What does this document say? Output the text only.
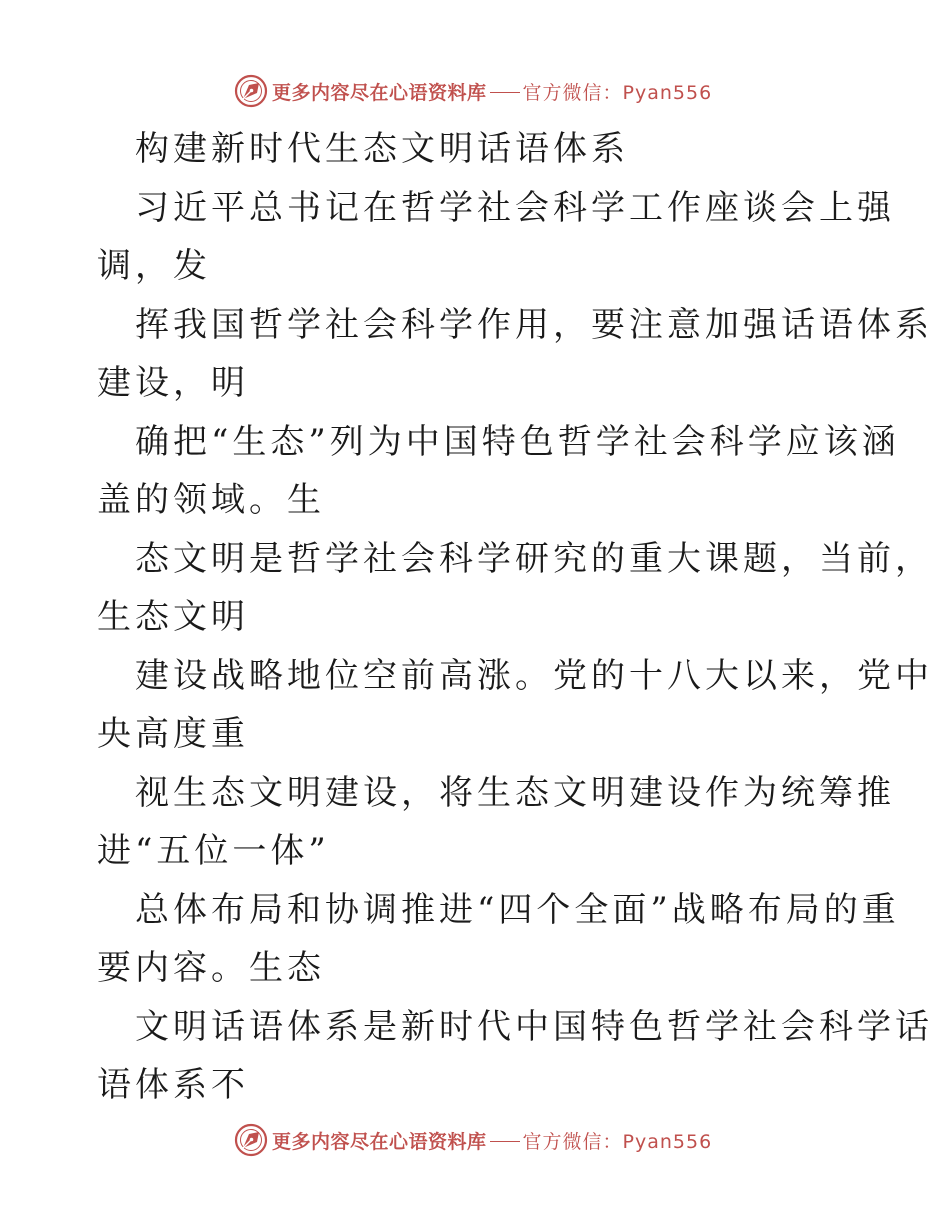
更多内容尽在心语资料库 官方微信：Pyan556
构建新时代生态文明话语体系
习近平总书记在哲学社会科学工作座谈会上强
调，发
挥我国哲学社会科学作用，要注意加强话语体系
建设，明
确把“生态”列为中国特色哲学社会科学应该涵
盖的领域。生
态文明是哲学社会科学研究的重大课题，当前，
生态文明
建设战略地位空前高涨。党的十八大以来，党中
央高度重
视生态文明建设，将生态文明建设作为统筹推
进“五位一体”
总体布局和协调推进“四个全面”战略布局的重
要内容。生态
文明话语体系是新时代中国特色哲学社会科学话
语体系不
更多内容尽在心语资料库 官方微信：Pyan556
